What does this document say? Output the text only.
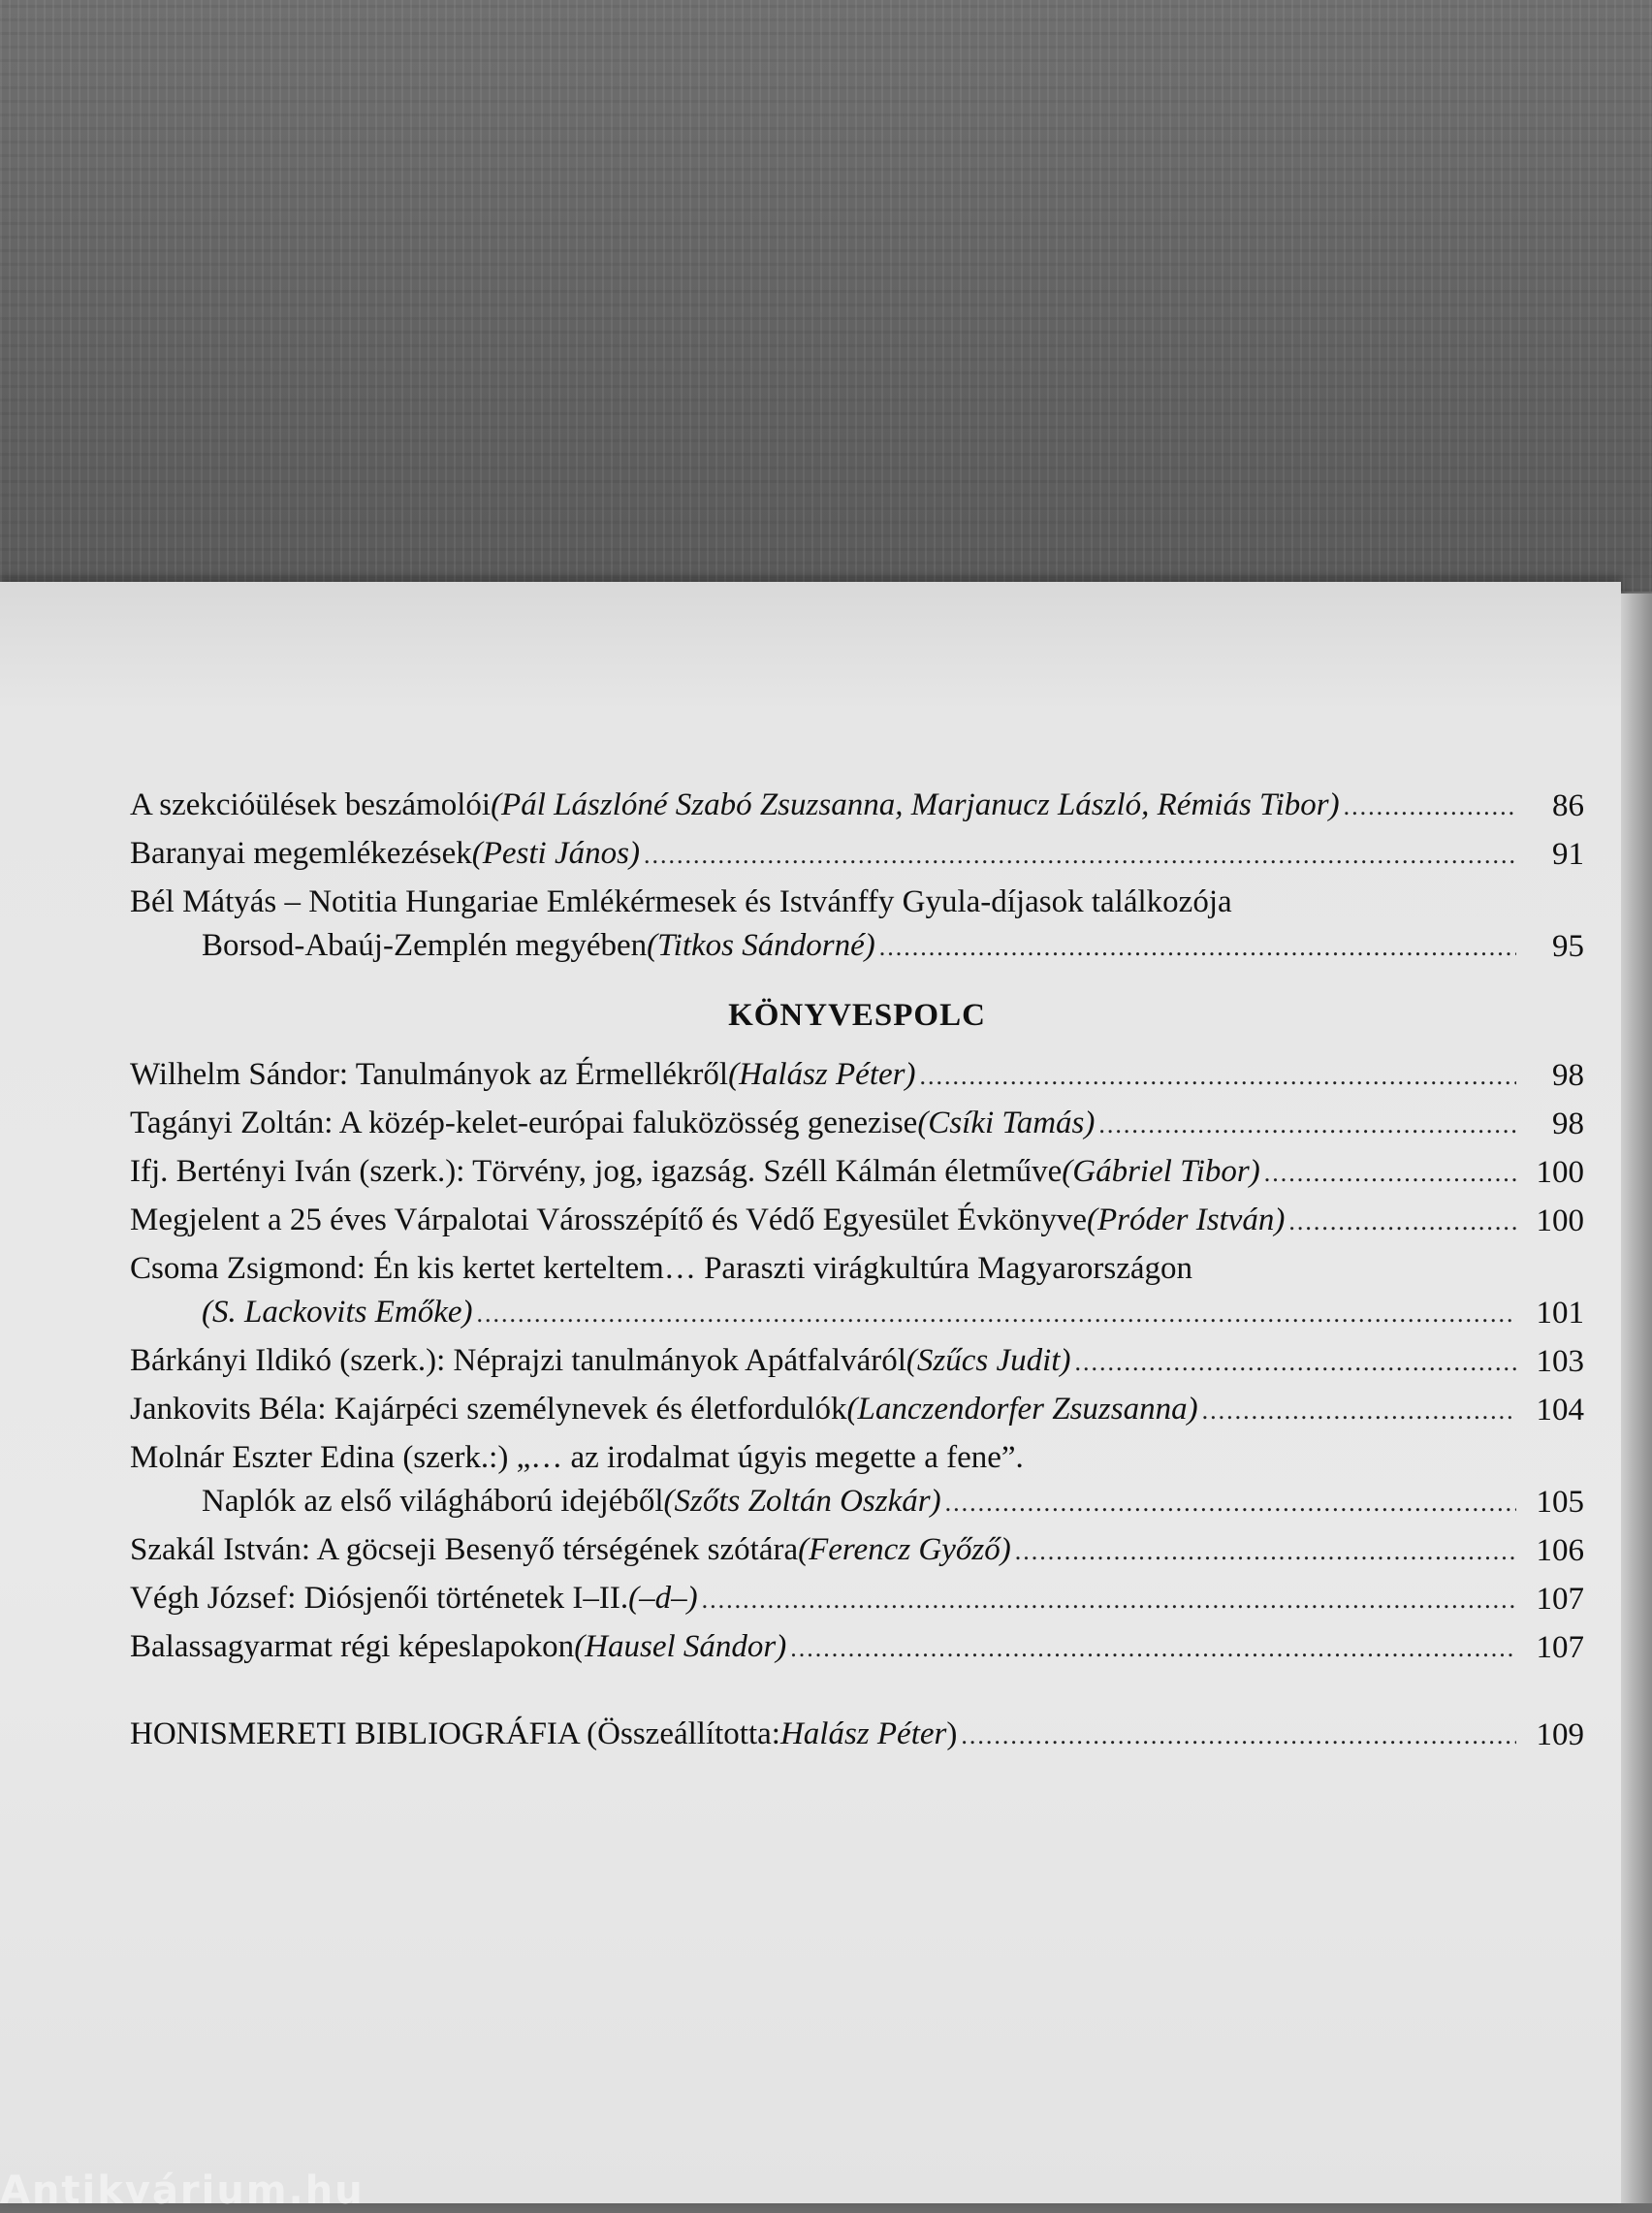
A szekcióülések beszámolói (Pál Lászlóné Szabó Zsuzsanna, Marjanucz László, Rémiás Tibor) .....	86
Baranyai megemlékezések (Pesti János) .....	91
Bél Mátyás – Notitia Hungariae Emlékérmesek és Istvánffy Gyula-díjasok találkozója
Borsod-Abaúj-Zemplén megyében (Titkos Sándorné) .....	95
KÖNYVESPOLC
Wilhelm Sándor: Tanulmányok az Érmellékről (Halász Péter) .....	98
Tagányi Zoltán: A közép-kelet-európai faluközösség genezise (Csíki Tamás) .....	98
Ifj. Bertényi Iván (szerk.): Törvény, jog, igazság. Széll Kálmán életműve (Gábriel Tibor) .....	100
Megjelent a 25 éves Várpalotai Városszépítő és Védő Egyesület Évkönyve (Próder István) .....	100
Csoma Zsigmond: Én kis kertet kerteltem… Paraszti virágkultúra Magyarországon
(S. Lackovits Emőke) .....	101
Bárkányi Ildikó (szerk.): Néprajzi tanulmányok Apátfalváról (Szűcs Judit) .....	103
Jankovits Béla: Kajárpéci személynevek és életfordulók (Lanczendorfer Zsuzsanna) .....	104
Molnár Eszter Edina (szerk.:) „… az irodalmat úgyis megette a fene”.
Naplók az első világháború idejéből (Szőts Zoltán Oszkár) .....	105
Szakál István: A göcseji Besenyő térségének szótára (Ferencz Győző) .....	106
Végh József: Diósjenői történetek I–II. (–d–) .....	107
Balassagyarmat régi képeslapokon (Hausel Sándor) .....	107
HONISMERETI BIBLIOGRÁFIA (Összeállította: Halász Péter ) .....	109
Antikvárium.hu
